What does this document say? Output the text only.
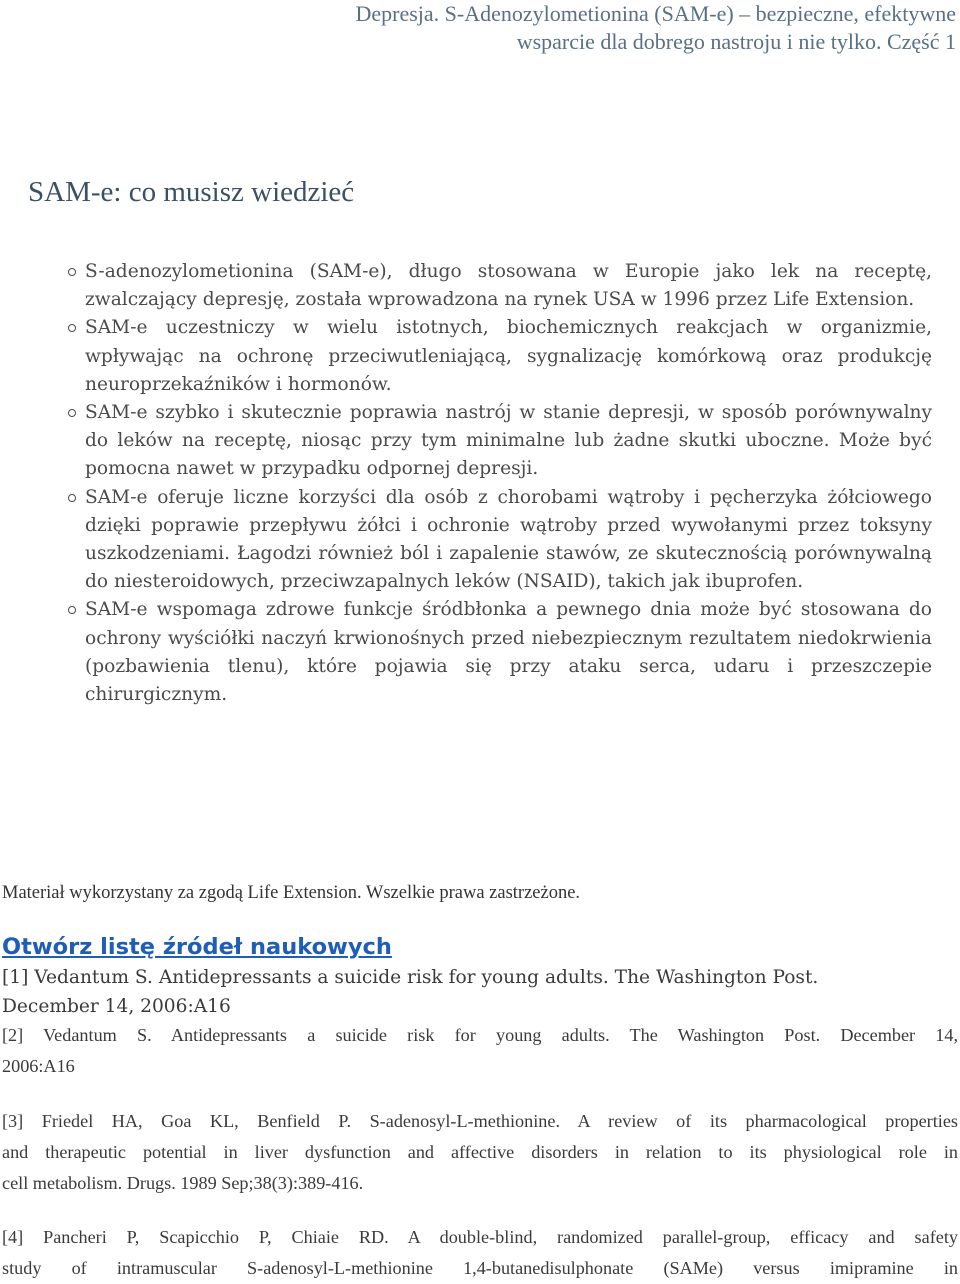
Depresja. S-Adenozylometionina (SAM-e) – bezpieczne, efektywne
wsparcie dla dobrego nastroju i nie tylko. Część 1
SAM-e: co musisz wiedzieć
S-adenozylometionina (SAM-e), długo stosowana w Europie jako lek na receptę, zwalczający depresję, została wprowadzona na rynek USA w 1996 przez Life Extension.
SAM-e uczestniczy w wielu istotnych, biochemicznych reakcjach w organizmie, wpływając na ochronę przeciwutleniającą, sygnalizację komórkową oraz produkcję neuroprzekaźników i hormonów.
SAM-e szybko i skutecznie poprawia nastrój w stanie depresji, w sposób porównywalny do leków na receptę, niosąc przy tym minimalne lub żadne skutki uboczne. Może być pomocna nawet w przypadku odpornej depresji.
SAM-e oferuje liczne korzyści dla osób z chorobami wątroby i pęcherzyka żółciowego dzięki poprawie przepływu żółci i ochronie wątroby przed wywołanymi przez toksyny uszkodzeniami. Łagodzi również ból i zapalenie stawów, ze skutecznością porównywalną do niesteroidowych, przeciwzapalnych leków (NSAID), takich jak ibuprofen.
SAM-e wspomaga zdrowe funkcje śródbłonka a pewnego dnia może być stosowana do ochrony wyściółki naczyń krwionośnych przed niebezpiecznym rezultatem niedokrwienia (pozbawienia tlenu), które pojawia się przy ataku serca, udaru i przeszczepie chirurgicznym.
Materiał wykorzystany za zgodą Life Extension. Wszelkie prawa zastrzeżone.
Otwórz listę źródeł naukowych
[1] Vedantum S. Antidepressants a suicide risk for young adults. The Washington Post.
December 14, 2006:A16
[2] Vedantum S. Antidepressants a suicide risk for young adults. The Washington Post. December 14,
2006:A16
[3] Friedel HA, Goa KL, Benfield P. S-adenosyl-L-methionine. A review of its pharmacological properties
and therapeutic potential in liver dysfunction and affective disorders in relation to its physiological role in
cell metabolism. Drugs. 1989 Sep;38(3):389-416.
[4] Pancheri P, Scapicchio P, Chiaie RD. A double-blind, randomized parallel-group, efficacy and safety
study of intramuscular S-adenosyl-L-methionine 1,4-butanedisulphonate (SAMe) versus imipramine in
